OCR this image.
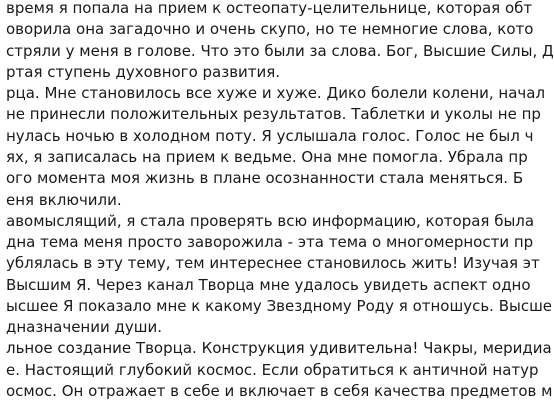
время я попала на прием к остеопату-целительнице, которая обт
оворила она загадочно и очень скупо, но те немногие слова, кото
стряли у меня в голове. Что это были за слова. Бог, Высшие Силы, Д
ртая ступень духовного развития.
рца. Мне становилось все хуже и хуже. Дико болели колени, начал
не принесли положительных результатов. Таблетки и уколы не пр
нулась ночью в холодном поту. Я услышала голос. Голос не был ч
ях, я записалась на прием к ведьме. Она мне помогла. Убрала пр
ого момента моя жизнь в плане осознанности стала меняться. Б
еня включили.
авомыслящий, я стала проверять всю информацию, которая была
дна тема меня просто заворожила - эта тема о многомерности пр
ублялась в эту тему, тем интереснее становилось жить! Изучая эт
Высшим Я. Через канал Творца мне удалось увидеть аспект одно
ысшее Я показало мне к какому Звездному Роду я отношусь. Высше
дназначении души.
льное создание Творца. Конструкция удивительна! Чакры, меридиа
е. Настоящий глубокий космос. Если обратиться к античной натур
осмос. Он отражает в себе и включает в себя качества предметов м
